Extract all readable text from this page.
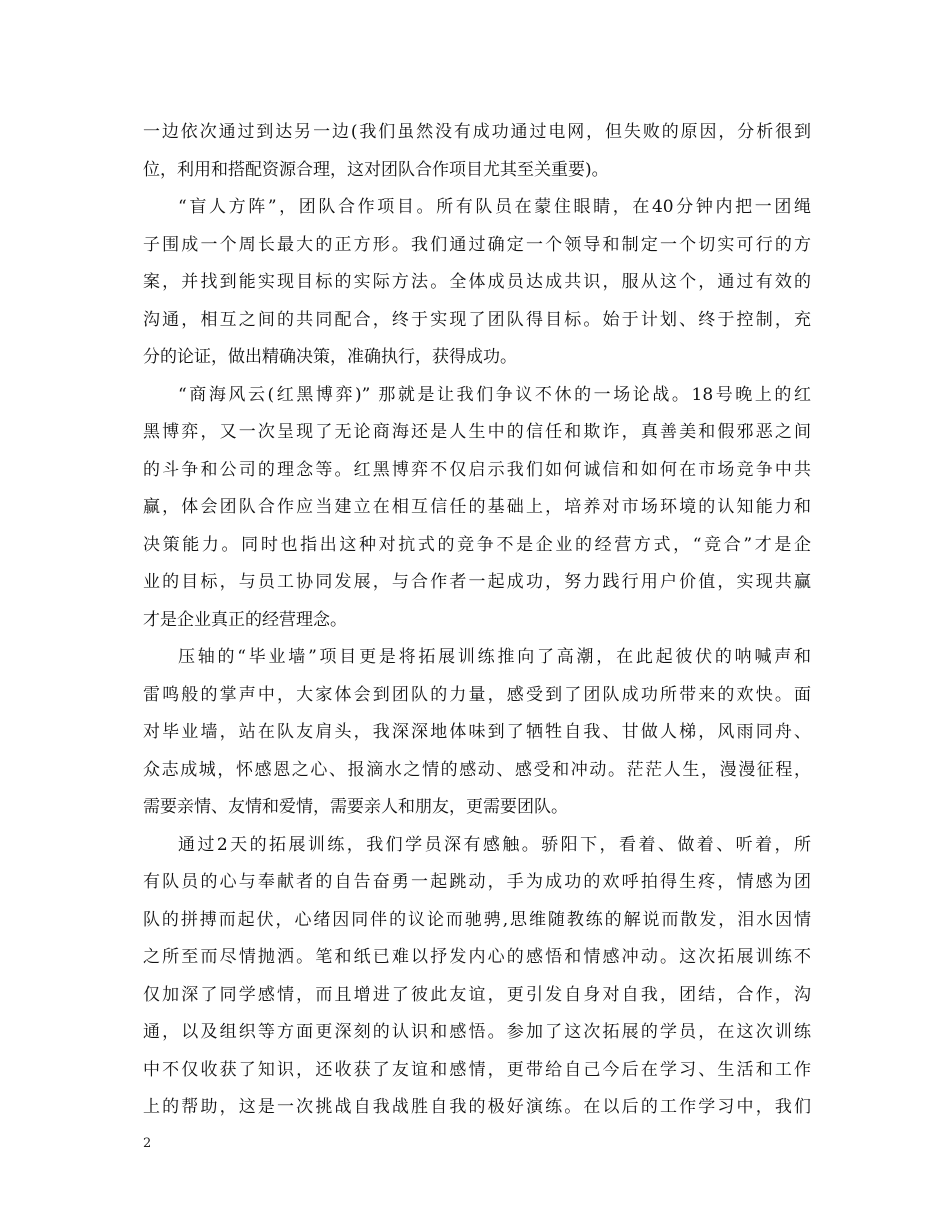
一边依次通过到达另一边(我们虽然没有成功通过电网，但失败的原因，分析很到
位，利用和搭配资源合理，这对团队合作项目尤其至关重要)。
“盲人方阵”，团队合作项目。所有队员在蒙住眼睛，在40分钟内把一团绳
子围成一个周长最大的正方形。我们通过确定一个领导和制定一个切实可行的方
案，并找到能实现目标的实际方法。全体成员达成共识，服从这个，通过有效的
沟通，相互之间的共同配合，终于实现了团队得目标。始于计划、终于控制，充
分的论证，做出精确决策，准确执行，获得成功。
“商海风云(红黑博弈)” 那就是让我们争议不休的一场论战。18号晚上的红
黑博弈，又一次呈现了无论商海还是人生中的信任和欺诈，真善美和假邪恶之间
的斗争和公司的理念等。红黑博弈不仅启示我们如何诚信和如何在市场竞争中共
赢，体会团队合作应当建立在相互信任的基础上，培养对市场环境的认知能力和
决策能力。同时也指出这种对抗式的竞争不是企业的经营方式，“竞合”才是企
业的目标，与员工协同发展，与合作者一起成功，努力践行用户价值，实现共赢
才是企业真正的经营理念。
压轴的“毕业墙”项目更是将拓展训练推向了高潮，在此起彼伏的呐喊声和
雷鸣般的掌声中，大家体会到团队的力量，感受到了团队成功所带来的欢快。面
对毕业墙，站在队友肩头，我深深地体味到了牺牲自我、甘做人梯，风雨同舟、
众志成城，怀感恩之心、报滴水之情的感动、感受和冲动。茫茫人生，漫漫征程，
需要亲情、友情和爱情，需要亲人和朋友，更需要团队。
通过2天的拓展训练，我们学员深有感触。骄阳下，看着、做着、听着，所
有队员的心与奉献者的自告奋勇一起跳动，手为成功的欢呼拍得生疼，情感为团
队的拼搏而起伏，心绪因同伴的议论而驰骋,思维随教练的解说而散发，泪水因情
之所至而尽情抛洒。笔和纸已难以抒发内心的感悟和情感冲动。这次拓展训练不
仅加深了同学感情，而且增进了彼此友谊，更引发自身对自我，团结，合作，沟
通，以及组织等方面更深刻的认识和感悟。参加了这次拓展的学员，在这次训练
中不仅收获了知识，还收获了友谊和感情，更带给自己今后在学习、生活和工作
上的帮助，这是一次挑战自我战胜自我的极好演练。在以后的工作学习中，我们
2
